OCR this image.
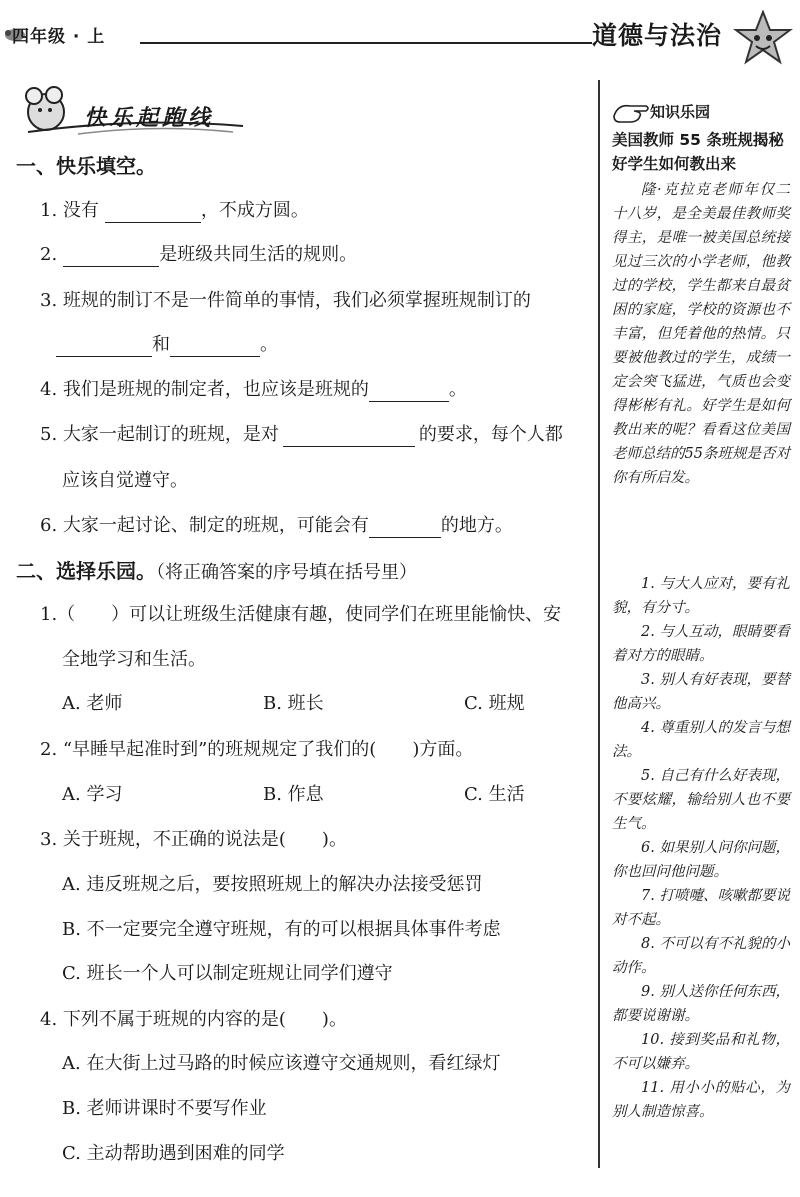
四年级 · 上	道德与法治
快乐起跑线
一、快乐填空。
1. 没有	，不成方圆。
2.	是班级共同生活的规则。
3. 班规的制订不是一件简单的事情，我们必须掌握班规制订的
和	。
4. 我们是班规的制定者，也应该是班规的	。
5. 大家一起制订的班规，是对	的要求，每个人都
应该自觉遵守。
6. 大家一起讨论、制定的班规，可能会有	的地方。
二、选择乐园。（将正确答案的序号填在括号里）
1.（　　）可以让班级生活健康有趣，使同学们在班里能愉快、安
全地学习和生活。
A. 老师	B. 班长	C. 班规
2. “早睡早起准时到”的班规规定了我们的(　　)方面。
A. 学习	B. 作息	C. 生活
3. 关于班规，不正确的说法是(　　)。
A. 违反班规之后，要按照班规上的解决办法接受惩罚
B. 不一定要完全遵守班规，有的可以根据具体事件考虑
C. 班长一个人可以制定班规让同学们遵守
4. 下列不属于班规的内容的是(　　)。
A. 在大街上过马路的时候应该遵守交通规则，看红绿灯
B. 老师讲课时不要写作业
C. 主动帮助遇到困难的同学
知识乐园
美国教师 55 条班规揭秘好学生如何教出来

隆·克拉克老师年仅二十八岁，是全美最佳教师奖得主，是唯一被美国总统接见过三次的小学老师，他教过的学校，学生都来自最贫困的家庭，学校的资源也不丰富，但凭着他的热情。只要被他教过的学生，成绩一定会突飞猛进，气质也会变得彬彬有礼。好学生是如何教出来的呢？看看这位美国老师总结的55条班规是否对你有所启发。

1. 与大人应对，要有礼貌，有分寸。
2. 与人互动，眼睛要看着对方的眼睛。
3. 别人有好表现，要替他高兴。
4. 尊重别人的发言与想法。
5. 自己有什么好表现，不要炫耀，输给别人也不要生气。
6. 如果别人问你问题，你也回问他问题。
7. 打喷嚏、咳嗽都要说对不起。
8. 不可以有不礼貌的小动作。
9. 别人送你任何东西，都要说谢谢。
10. 接到奖品和礼物，不可以嫌弃。
11. 用小小的贴心，为别人制造惊喜。
